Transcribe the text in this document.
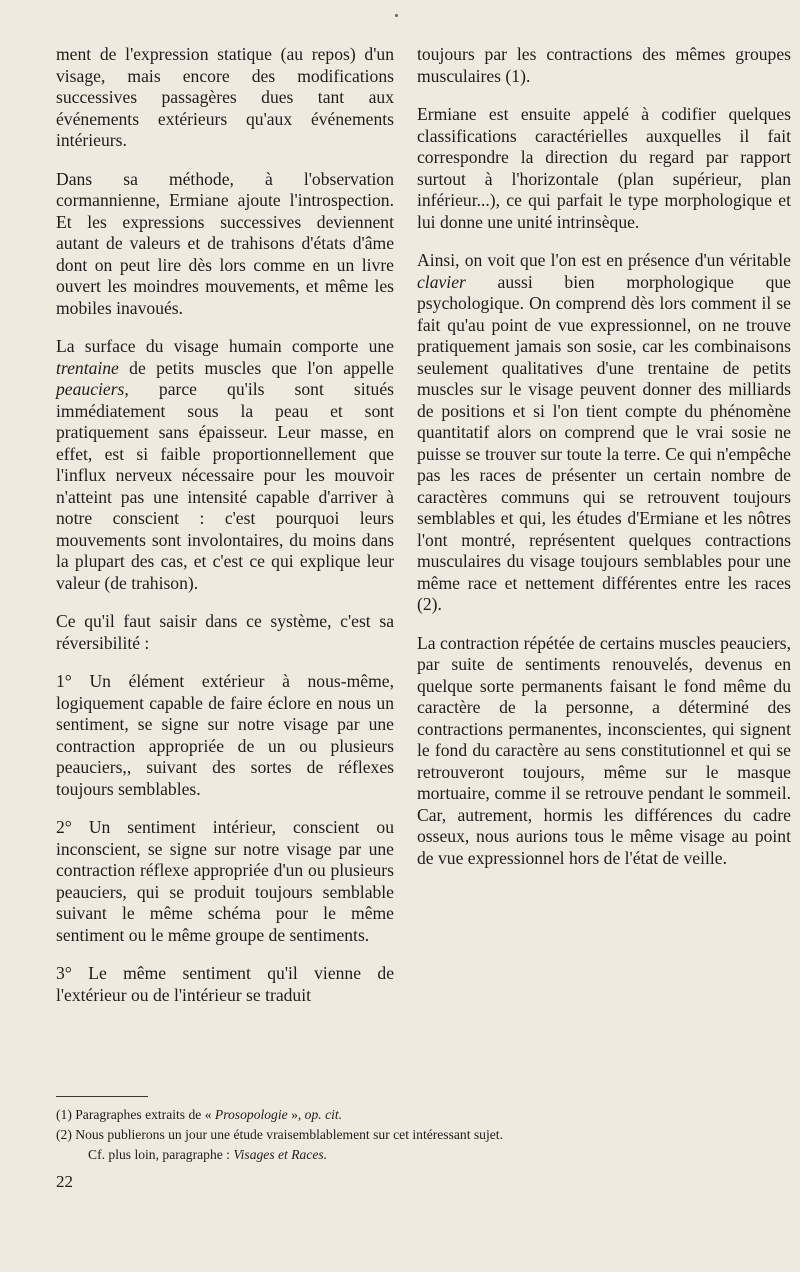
ment de l'expression statique (au repos) d'un visage, mais encore des modifications successives passagères dues tant aux événements extérieurs qu'aux événements intérieurs.

Dans sa méthode, à l'observation cormannienne, Ermiane ajoute l'introspection. Et les expressions successives deviennent autant de valeurs et de trahisons d'états d'âme dont on peut lire dès lors comme en un livre ouvert les moindres mouvements, et même les mobiles inavoués.

La surface du visage humain comporte une trentaine de petits muscles que l'on appelle peauciers, parce qu'ils sont situés immédiatement sous la peau et sont pratiquement sans épaisseur. Leur masse, en effet, est si faible proportionnellement que l'influx nerveux nécessaire pour les mouvoir n'atteint pas une intensité capable d'arriver à notre conscient : c'est pourquoi leurs mouvements sont involontaires, du moins dans la plupart des cas, et c'est ce qui explique leur valeur (de trahison).

Ce qu'il faut saisir dans ce système, c'est sa réversibilité :

1° Un élément extérieur à nous-même, logiquement capable de faire éclore en nous un sentiment, se signe sur notre visage par une contraction appropriée de un ou plusieurs peauciers,, suivant des sortes de réflexes toujours semblables.

2° Un sentiment intérieur, conscient ou inconscient, se signe sur notre visage par une contraction réflexe appropriée d'un ou plusieurs peauciers, qui se produit toujours semblable suivant le même schéma pour le même sentiment ou le même groupe de sentiments.

3° Le même sentiment qu'il vienne de l'extérieur ou de l'intérieur se traduit

toujours par les contractions des mêmes groupes musculaires (1).

Ermiane est ensuite appelé à codifier quelques classifications caractérielles auxquelles il fait correspondre la direction du regard par rapport surtout à l'horizontale (plan supérieur, plan inférieur...), ce qui parfait le type morphologique et lui donne une unité intrinsèque.

Ainsi, on voit que l'on est en présence d'un véritable clavier aussi bien morphologique que psychologique. On comprend dès lors comment il se fait qu'au point de vue expressionnel, on ne trouve pratiquement jamais son sosie, car les combinaisons seulement qualitatives d'une trentaine de petits muscles sur le visage peuvent donner des milliards de positions et si l'on tient compte du phénomène quantitatif alors on comprend que le vrai sosie ne puisse se trouver sur toute la terre. Ce qui n'empêche pas les races de présenter un certain nombre de caractères communs qui se retrouvent toujours semblables et qui, les études d'Ermiane et les nôtres l'ont montré, représentent quelques contractions musculaires du visage toujours semblables pour une même race et nettement différentes entre les races (2).

La contraction répétée de certains muscles peauciers, par suite de sentiments renouvelés, devenus en quelque sorte permanents faisant le fond même du caractère de la personne, a déterminé des contractions permanentes, inconscientes, qui signent le fond du caractère au sens constitutionnel et qui se retrouveront toujours, même sur le masque mortuaire, comme il se retrouve pendant le sommeil. Car, autrement, hormis les différences du cadre osseux, nous aurions tous le même visage au point de vue expressionnel hors de l'état de veille.

(1) Paragraphes extraits de « Prosopologie », op. cit.
(2) Nous publierons un jour une étude vraisemblablement sur cet intéressant sujet.
Cf. plus loin, paragraphe : Visages et Races.
22
